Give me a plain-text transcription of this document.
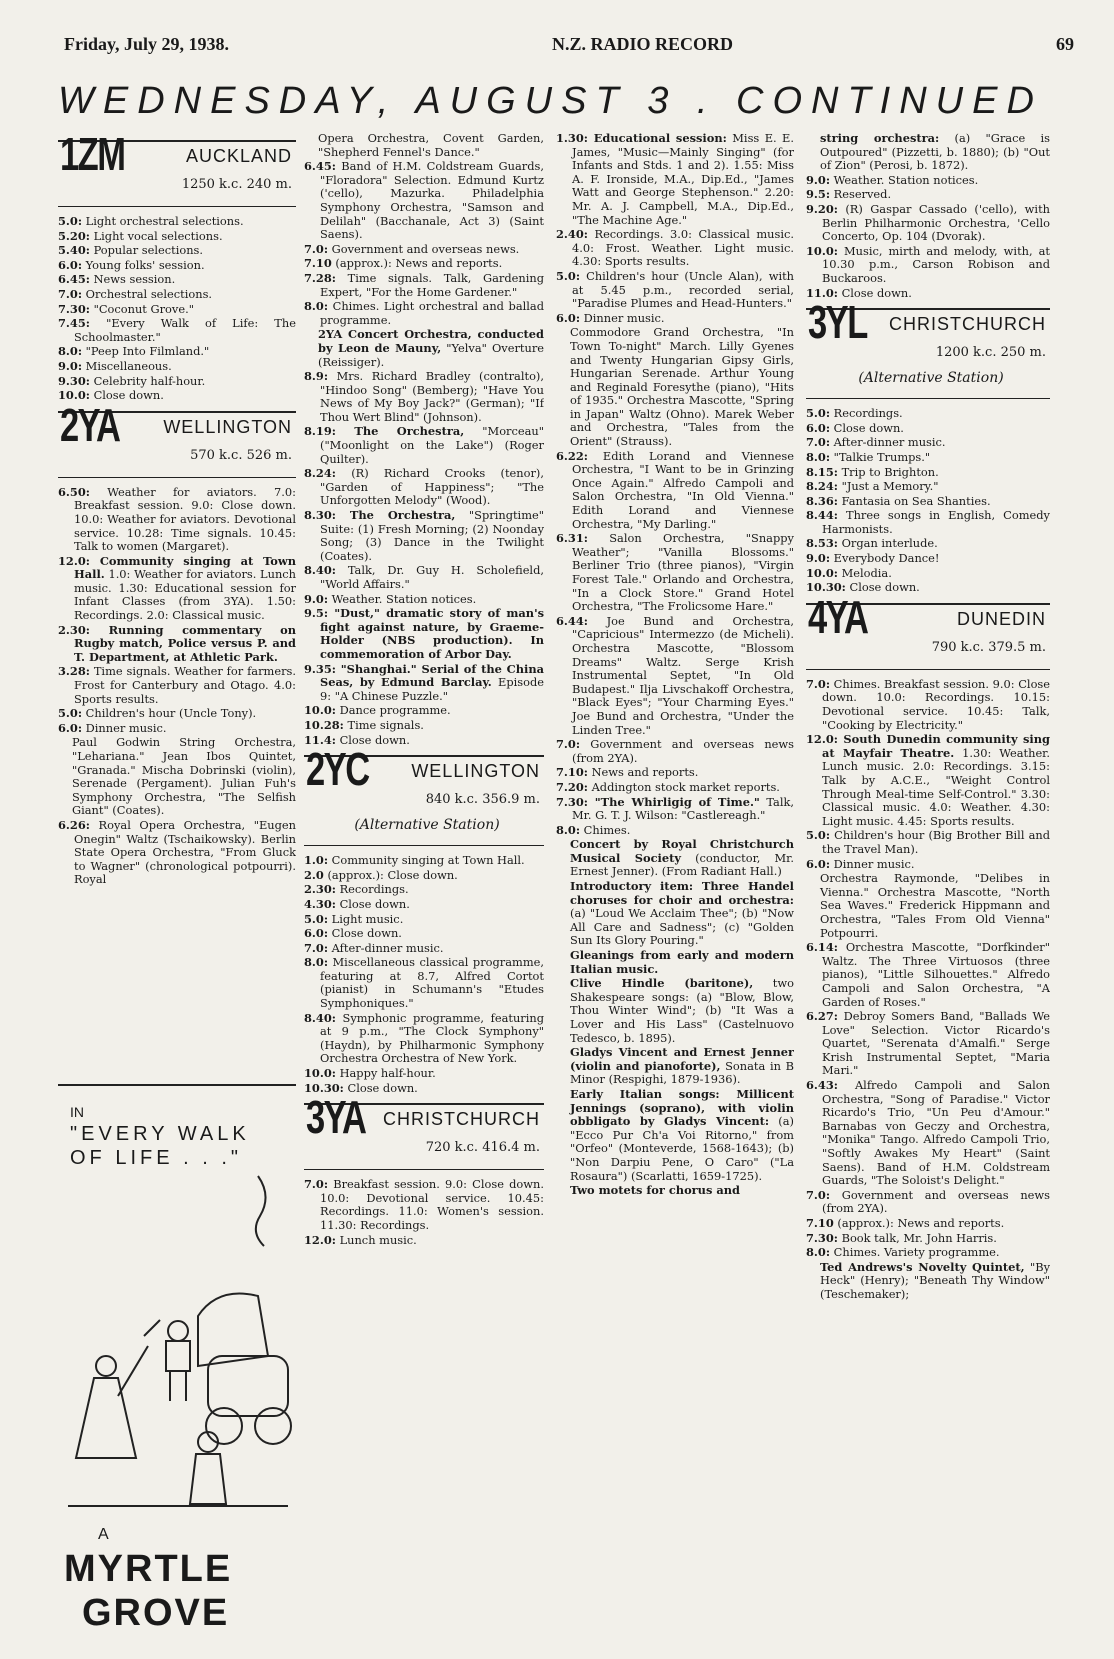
Friday, July 29, 1938.	N.Z. RADIO RECORD	69
WEDNESDAY, AUGUST 3 . CONTINUED
1ZM	AUCKLAND
1250 k.c. 240 m.
5.0: Light orchestral selections.
5.20: Light vocal selections.
5.40: Popular selections.
6.0: Young folks' session.
6.45: News session.
7.0: Orchestral selections.
7.30: "Coconut Grove."
7.45: "Every Walk of Life: The Schoolmaster."
8.0: "Peep Into Filmland."
9.0: Miscellaneous.
9.30: Celebrity half-hour.
10.0: Close down.
2YA WELLINGTON
570 k.c. 526 m.
6.50: Weather for aviators. 7.0: Breakfast session. 9.0: Close down. 10.0: Weather for aviators. Devotional service. 10.28: Time signals. 10.45: Talk to women (Margaret).
12.0: Community singing at Town Hall. 1.0: Weather for aviators. Lunch music. 1.30: Educational session for Infant Classes (from 3YA). 1.50: Recordings. 2.0: Classical music.
2.30: Running commentary on Rugby match, Police versus P. and T. Department, at Athletic Park.
3.28: Time signals. Weather for farmers. Frost for Canterbury and Otago. 4.0: Sports results.
5.0: Children's hour (Uncle Tony).
6.0: Dinner music.
Paul Godwin String Orchestra, "Lehariana." Jean Ibos Quintet, "Granada." Mischa Dobrinski (violin), Serenade (Pergament). Julian Fuh's Symphony Orchestra, "The Selfish Giant" (Coates).
6.26: Royal Opera Orchestra, "Eugen Onegin" Waltz (Tschaikowsky). Berlin State Opera Orchestra, "From Gluck to Wagner" (chronological potpourri). Royal
IN
"EVERY WALK OF LIFE . . ."
A
MYRTLE
GROVE
Opera Orchestra, Covent Garden, "Shepherd Fennel's Dance."
6.45: Band of H.M. Coldstream Guards, "Floradora" Selection. Edmund Kurtz ('cello), Mazurka. Philadelphia Symphony Orchestra, "Samson and Delilah" (Bacchanale, Act 3) (Saint Saens).
7.0: Government and overseas news.
7.10 (approx.): News and reports.
7.28: Time signals. Talk, Gardening Expert, "For the Home Gardener."
8.0: Chimes. Light orchestral and ballad programme.
2YA Concert Orchestra, conducted by Leon de Mauny, "Yelva" Overture (Reissiger).
8.9: Mrs. Richard Bradley (contralto), "Hindoo Song" (Bemberg); "Have You News of My Boy Jack?" (German); "If Thou Wert Blind" (Johnson).
8.19: The Orchestra, "Morceau" ("Moonlight on the Lake") (Roger Quilter).
8.24: (R) Richard Crooks (tenor), "Garden of Happiness"; "The Unforgotten Melody" (Wood).
8.30: The Orchestra, "Springtime" Suite: (1) Fresh Morning; (2) Noonday Song; (3) Dance in the Twilight (Coates).
8.40: Talk, Dr. Guy H. Scholefield, "World Affairs."
9.0: Weather. Station notices.
9.5: "Dust," dramatic story of man's fight against nature, by Graeme-Holder (NBS production). In commemoration of Arbor Day.
9.35: "Shanghai." Serial of the China Seas, by Edmund Barclay. Episode 9: "A Chinese Puzzle."
10.0: Dance programme.
10.28: Time signals.
11.4: Close down.
2YC WELLINGTON
840 k.c. 356.9 m.
(Alternative Station)
1.0: Community singing at Town Hall.
2.0 (approx.): Close down.
2.30: Recordings.
4.30: Close down.
5.0: Light music.
6.0: Close down.
7.0: After-dinner music.
8.0: Miscellaneous classical programme, featuring at 8.7, Alfred Cortot (pianist) in Schumann's "Etudes Symphoniques."
8.40: Symphonic programme, featuring at 9 p.m., "The Clock Symphony" (Haydn), by Philharmonic Symphony Orchestra Orchestra of New York.
10.0: Happy half-hour.
10.30: Close down.
3YA CHRISTCHURCH
720 k.c. 416.4 m.
7.0: Breakfast session. 9.0: Close down. 10.0: Devotional service. 10.45: Recordings. 11.0: Women's session. 11.30: Recordings.
12.0: Lunch music.
1.30: Educational session: Miss E. E. James, "Music—Mainly Singing" (for Infants and Stds. 1 and 2). 1.55: Miss A. F. Ironside, M.A., Dip.Ed., "James Watt and George Stephenson." 2.20: Mr. A. J. Campbell, M.A., Dip.Ed., "The Machine Age."
2.40: Recordings. 3.0: Classical music. 4.0: Frost. Weather. Light music. 4.30: Sports results.
5.0: Children's hour (Uncle Alan), with at 5.45 p.m., recorded serial, "Paradise Plumes and Head-Hunters."
6.0: Dinner music.
Commodore Grand Orchestra, "In Town To-night" March. Lilly Gyenes and Twenty Hungarian Gipsy Girls, Hungarian Serenade. Arthur Young and Reginald Foresythe (piano), "Hits of 1935." Orchestra Mascotte, "Spring in Japan" Waltz (Ohno). Marek Weber and Orchestra, "Tales from the Orient" (Strauss).
6.22: Edith Lorand and Viennese Orchestra, "I Want to be in Grinzing Once Again." Alfredo Campoli and Salon Orchestra, "In Old Vienna." Edith Lorand and Viennese Orchestra, "My Darling."
6.31: Salon Orchestra, "Snappy Weather"; "Vanilla Blossoms." Berliner Trio (three pianos), "Virgin Forest Tale." Orlando and Orchestra, "In a Clock Store." Grand Hotel Orchestra, "The Frolicsome Hare."
6.44: Joe Bund and Orchestra, "Capricious" Intermezzo (de Micheli). Orchestra Mascotte, "Blossom Dreams" Waltz. Serge Krish Instrumental Septet, "In Old Budapest." Ilja Livschakoff Orchestra, "Black Eyes"; "Your Charming Eyes." Joe Bund and Orchestra, "Under the Linden Tree."
7.0: Government and overseas news (from 2YA).
7.10: News and reports.
7.20: Addington stock market reports.
7.30: "The Whirligig of Time." Talk, Mr. G. T. J. Wilson: "Castlereagh."
8.0: Chimes.
Concert by Royal Christchurch Musical Society (conductor, Mr. Ernest Jenner). (From Radiant Hall.)
Introductory item: Three Handel choruses for choir and orchestra: (a) "Loud We Acclaim Thee"; (b) "Now All Care and Sadness"; (c) "Golden Sun Its Glory Pouring."
Gleanings from early and modern Italian music.
Clive Hindle (baritone), two Shakespeare songs: (a) "Blow, Blow, Thou Winter Wind"; (b) "It Was a Lover and His Lass" (Castelnuovo Tedesco, b. 1895).
Gladys Vincent and Ernest Jenner (violin and pianoforte), Sonata in B Minor (Respighi, 1879-1936).
Early Italian songs: Millicent Jennings (soprano), with violin obbligato by Gladys Vincent: (a) "Ecco Pur Ch'a Voi Ritorno," from "Orfeo" (Monteverde, 1568-1643); (b) "Non Darpiu Pene, O Caro" ("La Rosaura") (Scarlatti, 1659-1725).
Two motets for chorus and
string orchestra: (a) "Grace is Outpoured" (Pizzetti, b. 1880); (b) "Out of Zion" (Perosi, b. 1872).
9.0: Weather. Station notices.
9.5: Reserved.
9.20: (R) Gaspar Cassado ('cello), with Berlin Philharmonic Orchestra, 'Cello Concerto, Op. 104 (Dvorak).
10.0: Music, mirth and melody, with, at 10.30 p.m., Carson Robison and Buckaroos.
11.0: Close down.
3YL CHRISTCHURCH
1200 k.c. 250 m.
(Alternative Station)
5.0: Recordings.
6.0: Close down.
7.0: After-dinner music.
8.0: "Talkie Trumps."
8.15: Trip to Brighton.
8.24: "Just a Memory."
8.36: Fantasia on Sea Shanties.
8.44: Three songs in English, Comedy Harmonists.
8.53: Organ interlude.
9.0: Everybody Dance!
10.0: Melodia.
10.30: Close down.
4YA	DUNEDIN
790 k.c. 379.5 m.
7.0: Chimes. Breakfast session. 9.0: Close down. 10.0: Recordings. 10.15: Devotional service. 10.45: Talk, "Cooking by Electricity."
12.0: South Dunedin community sing at Mayfair Theatre. 1.30: Weather. Lunch music. 2.0: Recordings. 3.15: Talk by A.C.E., "Weight Control Through Meal-time Self-Control." 3.30: Classical music. 4.0: Weather. 4.30: Light music. 4.45: Sports results.
5.0: Children's hour (Big Brother Bill and the Travel Man).
6.0: Dinner music.
Orchestra Raymonde, "Delibes in Vienna." Orchestra Mascotte, "North Sea Waves." Frederick Hippmann and Orchestra, "Tales From Old Vienna" Potpourri.
6.14: Orchestra Mascotte, "Dorfkinder" Waltz. The Three Virtuosos (three pianos), "Little Silhouettes." Alfredo Campoli and Salon Orchestra, "A Garden of Roses."
6.27: Debroy Somers Band, "Ballads We Love" Selection. Victor Ricardo's Quartet, "Serenata d'Amalfi." Serge Krish Instrumental Septet, "Maria Mari."
6.43: Alfredo Campoli and Salon Orchestra, "Song of Paradise." Victor Ricardo's Trio, "Un Peu d'Amour." Barnabas von Geczy and Orchestra, "Monika" Tango. Alfredo Campoli Trio, "Softly Awakes My Heart" (Saint Saens). Band of H.M. Coldstream Guards, "The Soloist's Delight."
7.0: Government and overseas news (from 2YA).
7.10 (approx.): News and reports.
7.30: Book talk, Mr. John Harris.
8.0: Chimes. Variety programme.
Ted Andrews's Novelty Quintet, "By Heck" (Henry); "Beneath Thy Window" (Teschemaker);
